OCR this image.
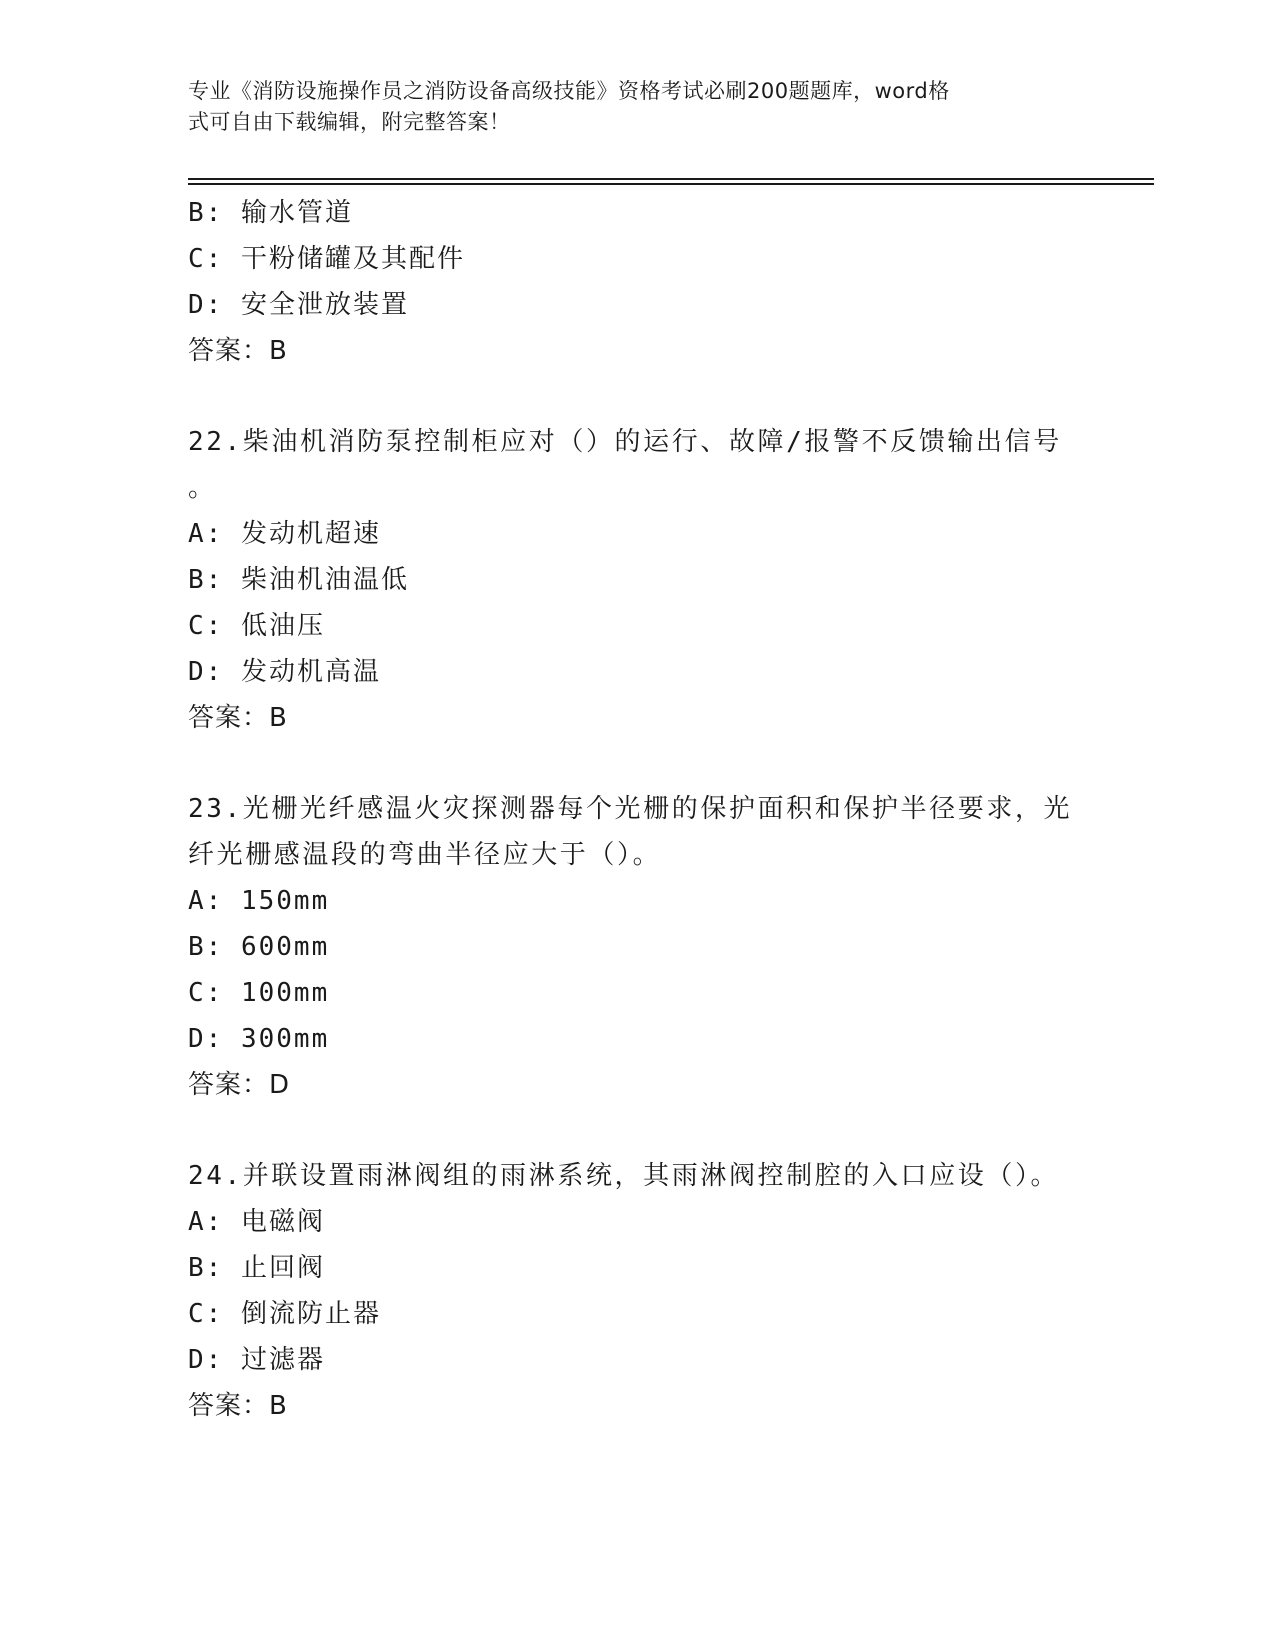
专业《消防设施操作员之消防设备高级技能》资格考试必刷200题题库，word格
式可自由下载编辑，附完整答案！
B: 输水管道
C: 干粉储罐及其配件
D: 安全泄放装置
答案：B
22.柴油机消防泵控制柜应对（）的运行、故障/报警不反馈输出信号
。
A: 发动机超速
B: 柴油机油温低
C: 低油压
D: 发动机高温
答案：B
23.光栅光纤感温火灾探测器每个光栅的保护面积和保护半径要求，光
纤光栅感温段的弯曲半径应大于（）。
A: 150mm
B: 600mm
C: 100mm
D: 300mm
答案：D
24.并联设置雨淋阀组的雨淋系统，其雨淋阀控制腔的入口应设（）。
A: 电磁阀
B: 止回阀
C: 倒流防止器
D: 过滤器
答案：B
